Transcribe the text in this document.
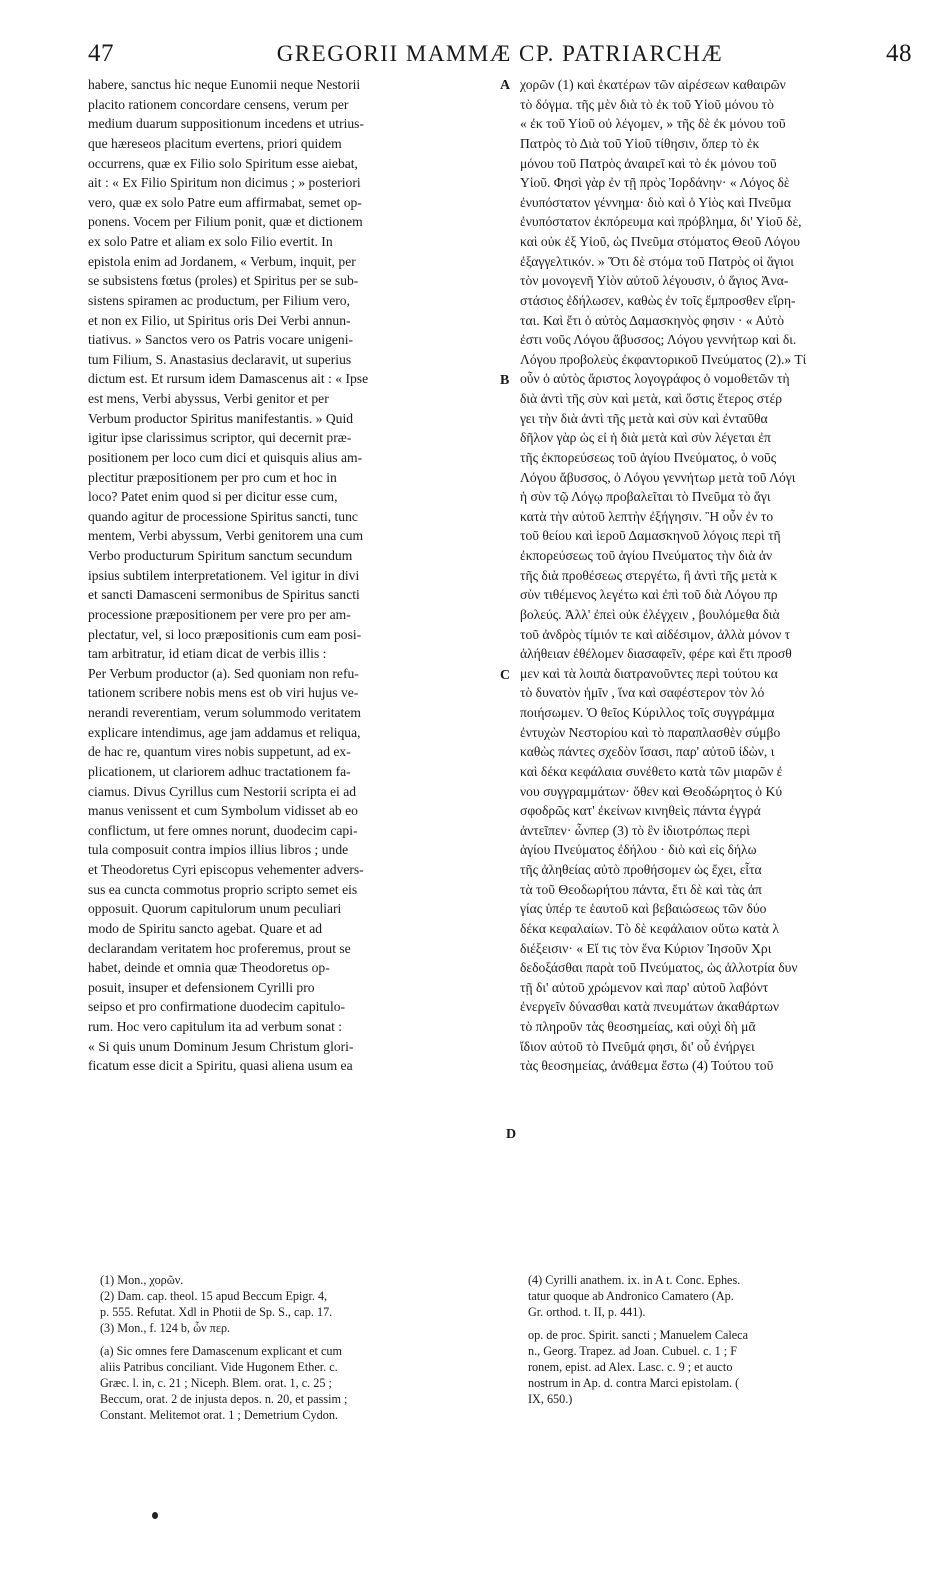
47	GREGORII MAMMÆ CP. PATRIARCHÆ	48
habere, sanctus hic neque Eunomii neque Nestorii
placito rationem concordare censens, verum per
medium duarum suppositionum incedens et utrius-
que hæreseos placitum evertens, priori quidem
occurrens, quæ ex Filio solo Spiritum esse aiebat,
ait : « Ex Filio Spiritum non dicimus ; » posteriori
vero, quæ ex solo Patre eum affirmabat, semet op-
ponens. Vocem per Filium ponit, quæ et dictionem
ex solo Patre et aliam ex solo Filio evertit. In
epistola enim ad Jordanem, « Verbum, inquit, per
se subsistens fœtus (proles) et Spiritus per se sub-
sistens spiramen ac productum, per Filium vero,
et non ex Filio, ut Spiritus oris Dei Verbi annun-
tiativus. » Sanctos vero os Patris vocare unigeni-
tum Filium, S. Anastasius declaravit, ut superius
dictum est. Et rursum idem Damascenus ait : « Ipse
est mens, Verbi abyssus, Verbi genitor et per
Verbum productor Spiritus manifestantis. » Quid
igitur ipse clarissimus scriptor, qui decernit præ-
positionem per loco cum dici et quisquis alius am-
plectitur præpositionem per pro cum et hoc in
loco? Patet enim quod si per dicitur esse cum,
quando agitur de processione Spiritus sancti, tunc
mentem, Verbi abyssum, Verbi genitorem una cum
Verbo producturum Spiritum sanctum secundum
ipsius subtilem interpretationem. Vel igitur in divi
et sancti Damasceni sermonibus de Spiritus sancti
processione præpositionem per vere pro per am-
plectatur, vel, si loco præpositionis cum eam posi-
tam arbitratur, id etiam dicat de verbis illis :
Per Verbum productor (a). Sed quoniam non refu-
tationem scribere nobis mens est ob viri hujus ve-
nerandi reverentiam, verum solummodo veritatem
explicare intendimus, age jam addamus et reliqua,
de hac re, quantum vires nobis suppetunt, ad ex-
plicationem, ut clariorem adhuc tractationem fa-
ciamus. Divus Cyrillus cum Nestorii scripta ei ad
manus venissent et cum Symbolum vidisset ab eo
conflictum, ut fere omnes norunt, duodecim capi-
tula composuit contra impios illius libros ; unde
et Theodoretus Cyri episcopus vehementer advers-
sus ea cuncta commotus proprio scripto semet eis
opposuit. Quorum capitulorum unum peculiari
modo de Spiritu sancto agebat. Quare et ad
declarandam veritatem hoc proferemus, prout se
habet, deinde et omnia quæ Theodoretus op-
posuit, insuper et defensionem Cyrilli pro
seipso et pro confirmatione duodecim capitulo-
rum. Hoc vero capitulum ita ad verbum sonat :
« Si quis unum Dominum Jesum Christum glori-
ficatum esse dicit a Spiritu, quasi aliena usum ea
χορῶν (1) καὶ ἑκατέρων τῶν αἱρέσεων καθαιρῶν
τὸ δόγμα. τῆς μὲν διὰ τὸ ἐκ τοῦ Υἱοῦ μόνου τὸ
« ἐκ τοῦ Υἱοῦ οὐ λέγομεν, » τῆς δὲ ἐκ μόνου τοῦ
Πατρὸς τὸ Διὰ τοῦ Υἱοῦ τίθησιν, ὅπερ τὸ ἐκ
μόνου τοῦ Πατρὸς ἀναιρεῖ καὶ τὸ ἐκ μόνου τοῦ
Υἱοῦ. Φησὶ γὰρ ἐν τῇ πρὸς Ἰορδάνην· « Λόγος δὲ
ἐνυπόστατον γέννημα· διὸ καὶ ὁ Υἱὸς καὶ Πνεῦμα
ἐνυπόστατον ἐκπόρευμα καὶ πρόβλημα, δι' Υἱοῦ δὲ,
καὶ οὐκ ἐξ Υἱοῦ, ὡς Πνεῦμα στόματος Θεοῦ Λόγου
ἐξαγγελτικόν. » Ὅτι δὲ στόμα τοῦ Πατρὸς οἱ ἅγιοι
τὸν μονογενῆ Υἱὸν αὐτοῦ λέγουσιν, ὁ ἅγιος Ἀνα-
στάσιος ἐδήλωσεν, καθὼς ἐν τοῖς ἔμπροσθεν εἴρη-
ται. Καὶ ἔτι ὁ αὐτὸς Δαμασκηνὸς φησιν · « Αὐτὸ
ἐστι νοῦς Λόγου ἄβυσσος; Λόγου γεννήτωρ καὶ δι.
Λόγου προβολεὺς ἐκφαντορικοῦ Πνεύματος (2).» Τί
οὖν ὁ αὐτὸς ἄριστος λογογράφος ὁ νομοθετῶν τὴ
διὰ ἀντὶ τῆς σὺν καὶ μετὰ, καὶ ὅστις ἕτερος στέρ
γει τὴν διὰ ἀντὶ τῆς μετὰ καὶ σὺν καὶ ἐνταῦθα
δῆλον γὰρ ὡς εἰ ἡ διὰ μετὰ καὶ σὺν λέγεται ἐπ
τῆς ἐκπορεύσεως τοῦ ἁγίου Πνεύματος, ὁ νοῦς
Λόγου ἄβυσσος, ὁ Λόγου γεννήτωρ μετὰ τοῦ Λόγι
ἡ σὺν τῷ Λόγῳ προβαλεῖται τὸ Πνεῦμα τὸ ἅγι
κατὰ τὴν αὐτοῦ λεπτὴν ἐξήγησιν. Ἢ οὖν ἐν το
τοῦ θείου καὶ ἱεροῦ Δαμασκηνοῦ λόγοις περὶ τῆ
ἐκπορεύσεως τοῦ ἁγίου Πνεύματος τὴν διὰ ἀν
τῆς διὰ προθέσεως στεργέτω, ἢ ἀντὶ τῆς μετὰ κ
σὺν τιθέμενος λεγέτω καὶ ἐπὶ τοῦ διὰ Λόγου πρ
βολεύς. Ἀλλ' ἐπεὶ οὐκ ἐλέγχειν , βουλόμεθα διὰ
τοῦ ἀνδρὸς τίμιόν τε καὶ αἰδέσιμον, ἀλλὰ μόνον τ
ἀλήθειαν ἐθέλομεν διασαφεῖν, φέρε καὶ ἔτι προσθ
μεν καὶ τὰ λοιπὰ διατρανοῦντες περὶ τούτου κα
τὸ δυνατὸν ἡμῖν , ἵνα καὶ σαφέστερον τὸν λό
ποιήσωμεν. Ὁ θεῖος Κύριλλος τοῖς συγγράμμα
ἐντυχὼν Νεστορίου καὶ τὸ παραπλασθὲν σύμβο
καθὼς πάντες σχεδὸν ἴσασι, παρ' αὐτοῦ ἰδὼν, ι
καὶ δέκα κεφάλαια συνέθετο κατὰ τῶν μιαρῶν ἐ
νου συγγραμμάτων· ὅθεν καὶ Θεοδώρητος ὁ Κύ
σφοδρῶς κατ' ἐκείνων κινηθεὶς πάντα ἐγγρά
ἀντεῖπεν· ὧνπερ (3) τὸ ἓν ἰδιοτρόπως περὶ
ἁγίου Πνεύματος ἐδήλου · διὸ καὶ εἰς δήλω
τῆς ἀληθείας αὐτὸ προθήσομεν ὡς ἔχει, εἶτα
τὰ τοῦ Θεοδωρήτου πάντα, ἔτι δὲ καὶ τὰς ἀπ
γίας ὑπέρ τε ἑαυτοῦ καὶ βεβαιώσεως τῶν δύο
δέκα κεφαλαίων. Τὸ δὲ κεφάλαιον οὕτω κατὰ λ
διέξεισιν· « Εἴ τις τὸν ἕνα Κύριον Ἰησοῦν Χρι
δεδοξάσθαι παρὰ τοῦ Πνεύματος, ὡς ἀλλοτρία δυν
τῇ δι' αὐτοῦ χρώμενον καὶ παρ' αὐτοῦ λαβόντ
ἐνεργεῖν δύνασθαι κατὰ πνευμάτων ἀκαθάρτων
τὸ πληροῦν τὰς θεοσημείας, καὶ οὐχὶ δὴ μᾶ
ἴδιον αὐτοῦ τὸ Πνεῦμά φησι, δι' οὗ ἐνήργει
τὰς θεοσημείας, ἀνάθεμα ἔστω (4) Τούτου τοῦ
A
B
C
D
(1) Mon., χορῶν.
(2) Dam. cap. theol. 15 apud Beccum Epigr. 4,
p. 555. Refutat. Xdl in Photii de Sp. S., cap. 17.
(3) Mon., f. 124 b, ὧν περ.
(a) Sic omnes fere Damascenum explicant et cum
aliis Patribus conciliant. Vide Hugonem Ether. c.
Græc. l. in, c. 21 ; Niceph. Blem. orat. 1, c. 25 ;
Beccum, orat. 2 de injusta depos. n. 20, et passim ;
Constant. Melitemot orat. 1 ; Demetrium Cydon.
(4) Cyrilli anathem. ix. in A t. Conc. Ephes.
tatur quoque ab Andronico Camatero (Ap.
Gr. orthod. t. II, p. 441).
op. de proc. Spirit. sancti ; Manuelem Caleca
n., Georg. Trapez. ad Joan. Cubuel. c. 1 ; F
ronem, epist. ad Alex. Lasc. c. 9 ; et aucto
nostrum in Ap. d. contra Marci epistolam. (
IX, 650.)
